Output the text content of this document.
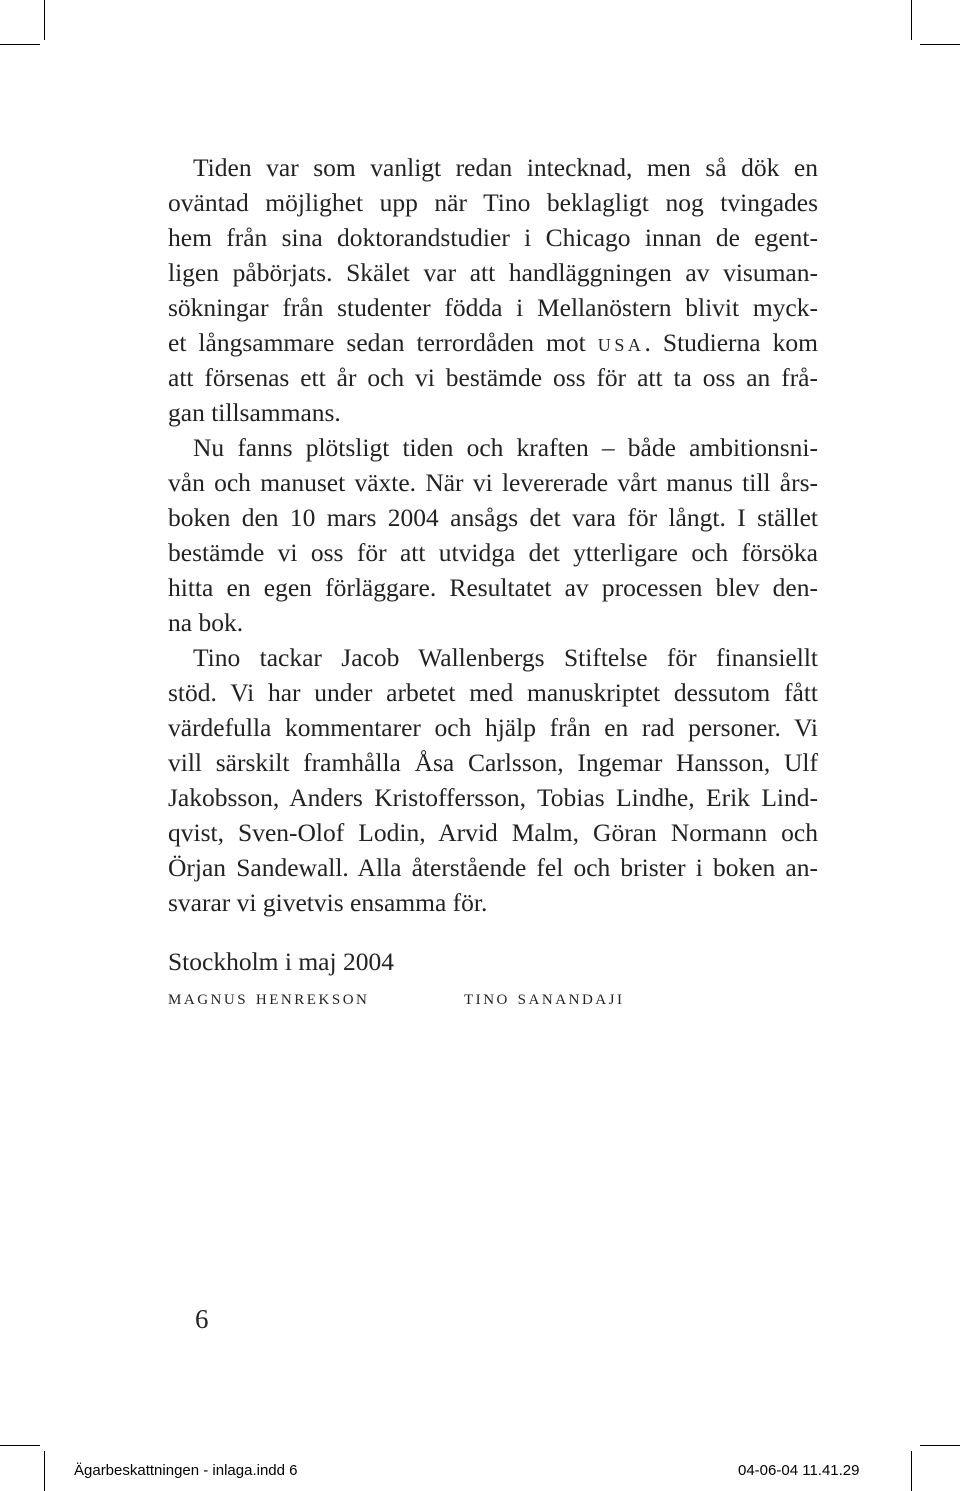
Tiden var som vanligt redan intecknad, men så dök en
oväntad möjlighet upp när Tino beklagligt nog tvingades
hem från sina doktorandstudier i Chicago innan de egent-
ligen påbörjats. Skälet var att handläggningen av visuman-
sökningar från studenter födda i Mellanöstern blivit myck-
et långsammare sedan terrordåden mot usa. Studierna kom
att försenas ett år och vi bestämde oss för att ta oss an frå-
gan tillsammans.
Nu fanns plötsligt tiden och kraften – både ambitionsni-
vån och manuset växte. När vi levererade vårt manus till års-
boken den 10 mars 2004 ansågs det vara för långt. I stället
bestämde vi oss för att utvidga det ytterligare och försöka
hitta en egen förläggare. Resultatet av processen blev den-
na bok.
Tino tackar Jacob Wallenbergs Stiftelse för finansiellt
stöd. Vi har under arbetet med manuskriptet dessutom fått
värdefulla kommentarer och hjälp från en rad personer. Vi
vill särskilt framhålla Åsa Carlsson, Ingemar Hansson, Ulf
Jakobsson, Anders Kristoffersson, Tobias Lindhe, Erik Lind-
qvist, Sven-Olof Lodin, Arvid Malm, Göran Normann och
Örjan Sandewall. Alla återstående fel och brister i boken an-
svarar vi givetvis ensamma för.
Stockholm i maj 2004
magnus henrekson	tino sanandaji
6
Ägarbeskattningen - inlaga.indd 6	04-06-04 11.41.29
